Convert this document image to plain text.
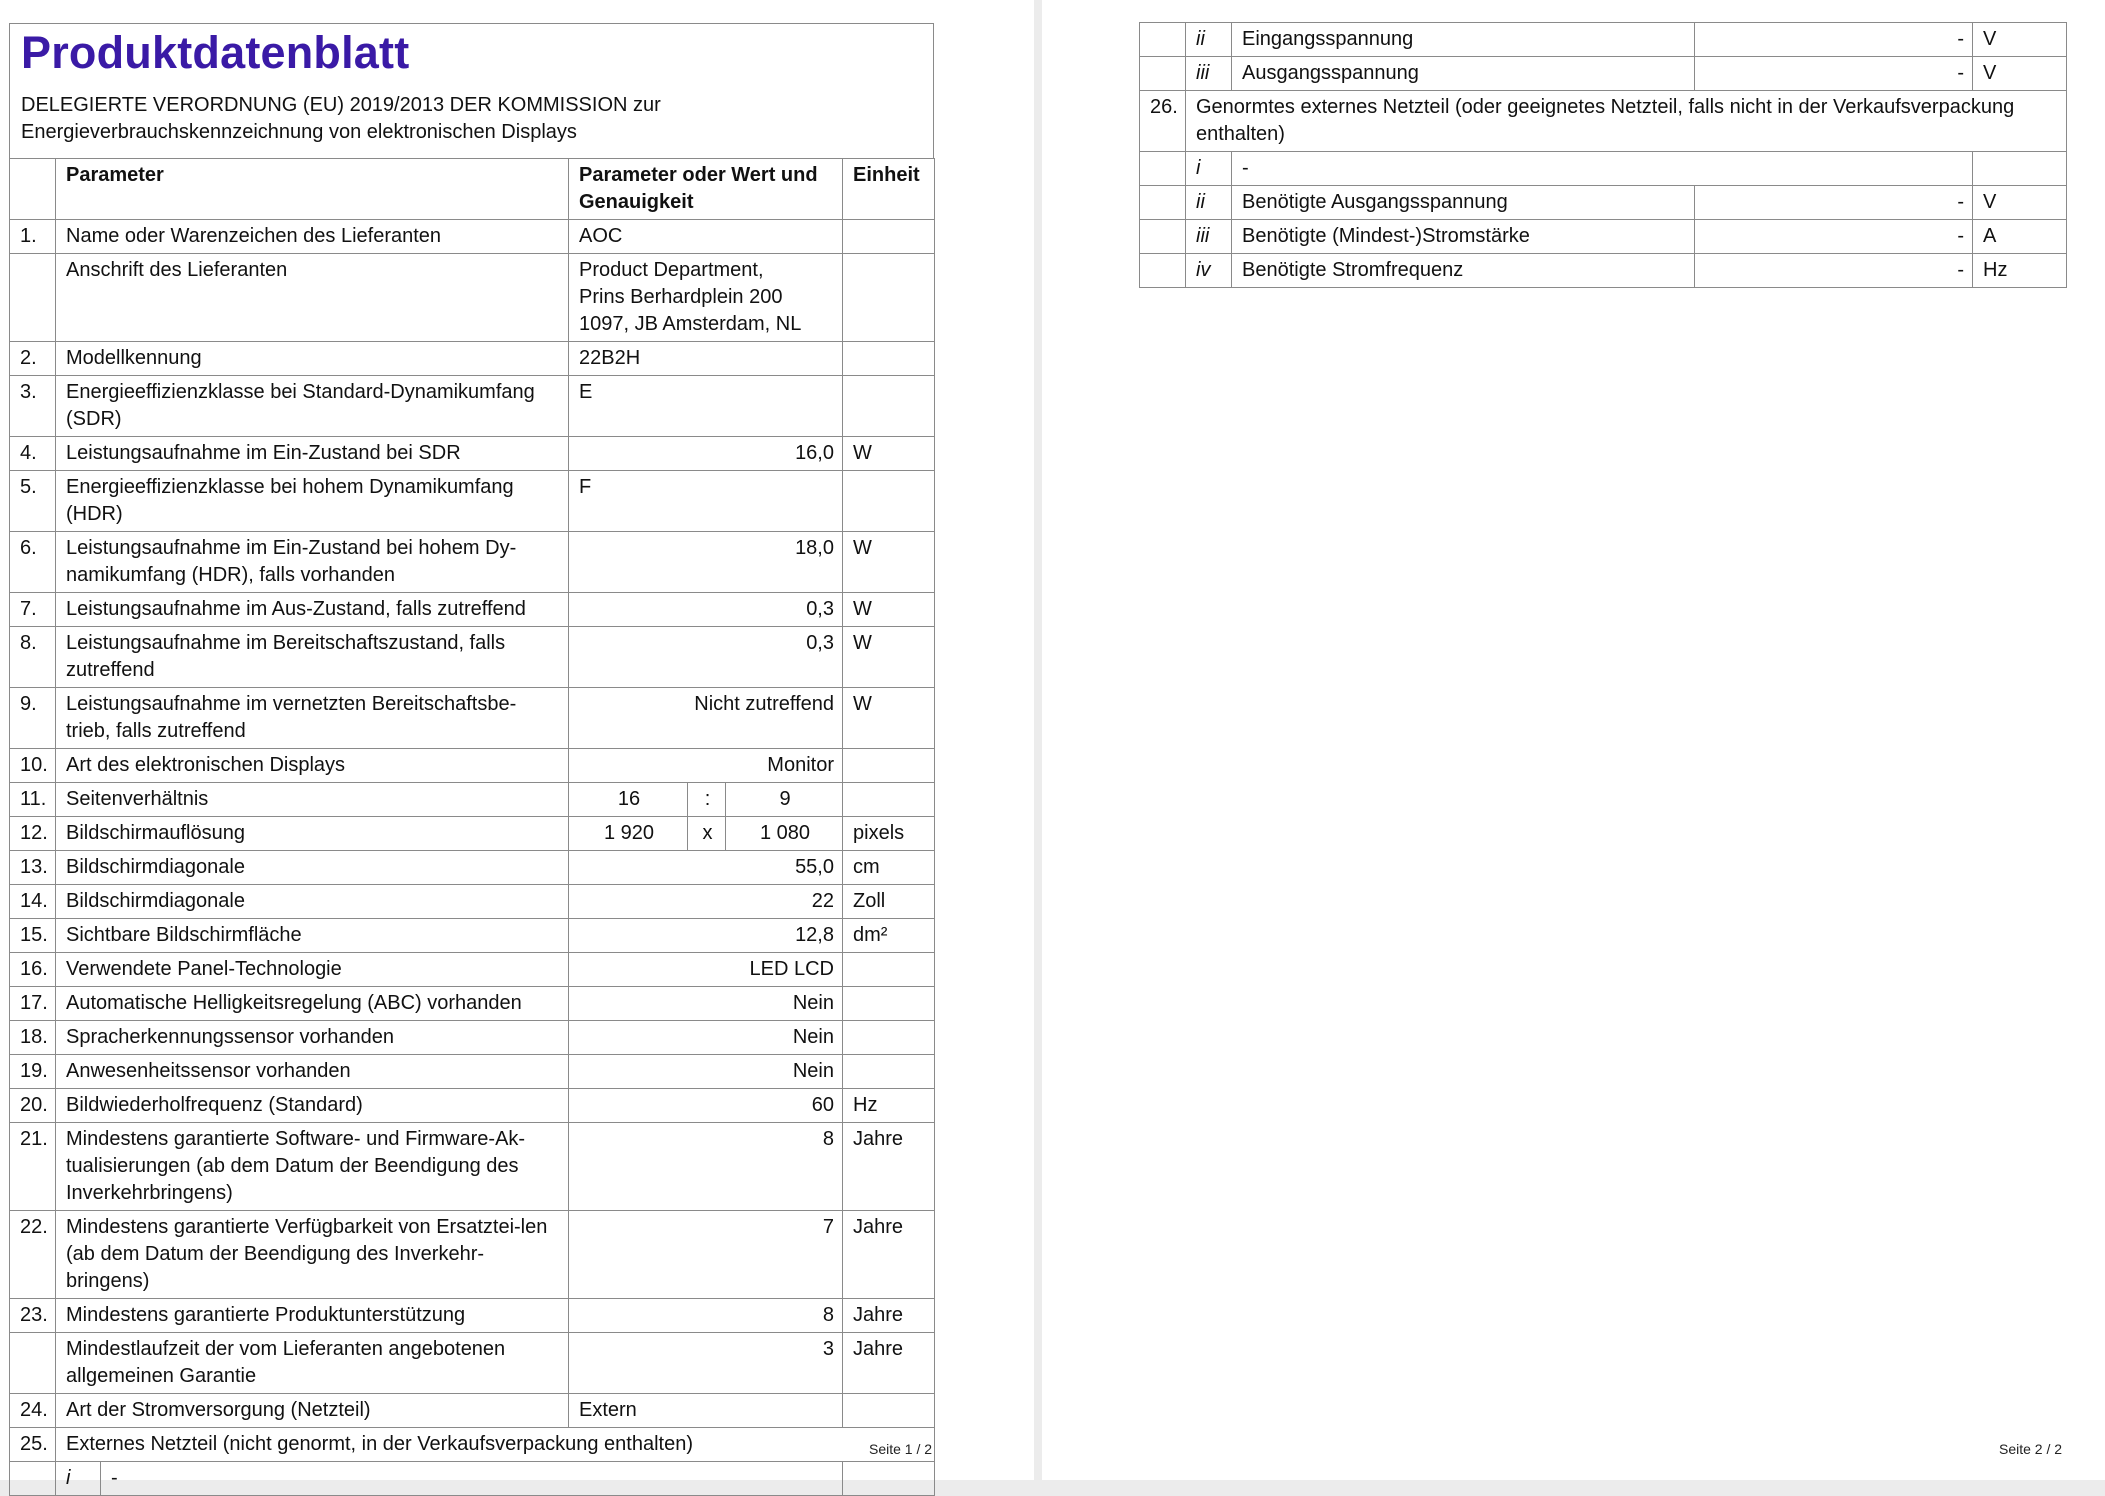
Produktdatenblatt
DELEGIERTE VERORDNUNG (EU) 2019/2013 DER KOMMISSION zur
Energieverbrauchskennzeichnung von elektronischen Displays
	Parameter		Parameter oder Wert und Genauigkeit			Einheit
1.	Name oder Warenzeichen des Lieferanten		AOC			
	Anschrift des Lieferanten		Product Department, Prins Berhardplein 200 1097, JB Amsterdam, NL			
2.	Modellkennung		22B2H			
3.	Energieeffizienzklasse bei Standard-Dynamikumfang (SDR)		E			
4.	Leistungsaufnahme im Ein-Zustand bei SDR		16,0			W
5.	Energieeffizienzklasse bei hohem Dynamikumfang (HDR)		F			
6.	Leistungsaufnahme im Ein-Zustand bei hohem Dy-namikumfang (HDR), falls vorhanden		18,0			W
7.	Leistungsaufnahme im Aus-Zustand, falls zutreffend		0,3			W
8.	Leistungsaufnahme im Bereitschaftszustand, falls zutreffend		0,3			W
9.	Leistungsaufnahme im vernetzten Bereitschaftsbe-trieb, falls zutreffend		Nicht zutreffend			W
10.	Art des elektronischen Displays		Monitor			
11.	Seitenverhältnis		16	:	9	
12.	Bildschirmauflösung		1 920	x	1 080	pixels
13.	Bildschirmdiagonale		55,0			cm
14.	Bildschirmdiagonale		22			Zoll
15.	Sichtbare Bildschirmfläche		12,8			dm²
16.	Verwendete Panel-Technologie		LED LCD			
17.	Automatische Helligkeitsregelung (ABC) vorhanden		Nein			
18.	Spracherkennungssensor vorhanden		Nein			
19.	Anwesenheitssensor vorhanden		Nein			
20.	Bildwiederholfrequenz (Standard)		60			Hz
21.	Mindestens garantierte Software- und Firmware-Ak-tualisierungen (ab dem Datum der Beendigung des Inverkehrbringens)		8			Jahre
22.	Mindestens garantierte Verfügbarkeit von Ersatztei-len (ab dem Datum der Beendigung des Inverkehr-bringens)		7			Jahre
23.	Mindestens garantierte Produktunterstützung		8			Jahre
	Mindestlaufzeit der vom Lieferanten angebotenen allgemeinen Garantie		3			Jahre
24.	Art der Stromversorgung (Netzteil)		Extern			
25.	Externes Netzteil (nicht genormt, in der Verkaufsverpackung enthalten)					
	i	-				
Seite 1 / 2
	ii	Eingangsspannung	-	V
	iii	Ausgangsspannung	-	V
26.	Genormtes externes Netzteil (oder geeignetes Netzteil, falls nicht in der Verkaufsverpackung enthalten)			
	i	-		
	ii	Benötigte Ausgangsspannung	-	V
	iii	Benötigte (Mindest-)Stromstärke	-	A
	iv	Benötigte Stromfrequenz	-	Hz
Seite 2 / 2
